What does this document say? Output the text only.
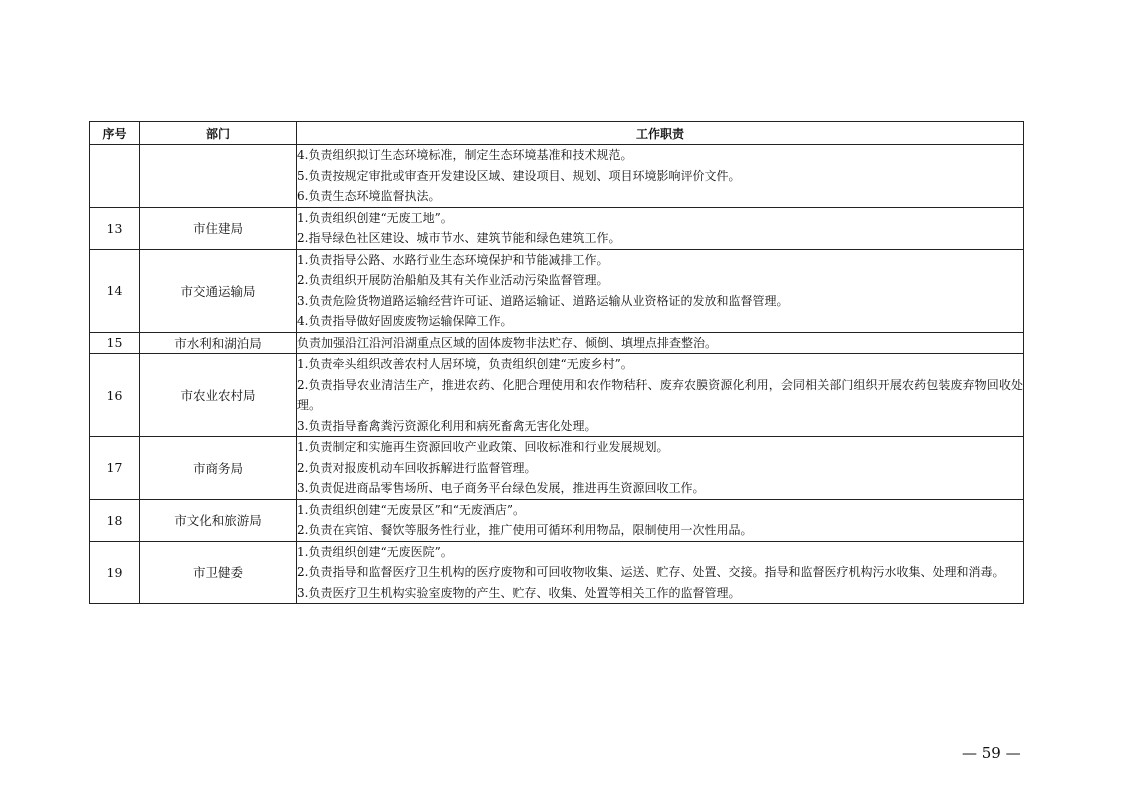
序号	部门	工作职责

		4.负责组织拟订生态环境标准，制定生态环境基准和技术规范。
5.负责按规定审批或审查开发建设区域、建设项目、规划、项目环境影响评价文件。
6.负责生态环境监督执法。

13	市住建局	1.负责组织创建“无废工地”。
2.指导绿色社区建设、城市节水、建筑节能和绿色建筑工作。

14	市交通运输局	1.负责指导公路、水路行业生态环境保护和节能减排工作。
2.负责组织开展防治船舶及其有关作业活动污染监督管理。
3.负责危险货物道路运输经营许可证、道路运输证、道路运输从业资格证的发放和监督管理。
4.负责指导做好固废废物运输保障工作。

15	市水利和湖泊局	负责加强沿江沿河沿湖重点区域的固体废物非法贮存、倾倒、填埋点排查整治。

16	市农业农村局	1.负责牵头组织改善农村人居环境，负责组织创建“无废乡村”。
2.负责指导农业清洁生产，推进农药、化肥合理使用和农作物秸秆、废弃农膜资源化利用，会同相关部门组织开展农药包装废弃物回收处理。
3.负责指导畜禽粪污资源化利用和病死畜禽无害化处理。

17	市商务局	1.负责制定和实施再生资源回收产业政策、回收标准和行业发展规划。
2.负责对报废机动车回收拆解进行监督管理。
3.负责促进商品零售场所、电子商务平台绿色发展，推进再生资源回收工作。

18	市文化和旅游局	1.负责组织创建“无废景区”和“无废酒店”。
2.负责在宾馆、餐饮等服务性行业，推广使用可循环利用物品，限制使用一次性用品。

19	市卫健委	1.负责组织创建“无废医院”。
2.负责指导和监督医疗卫生机构的医疗废物和可回收物收集、运送、贮存、处置、交接。指导和监督医疗机构污水收集、处理和消毒。
3.负责医疗卫生机构实验室废物的产生、贮存、收集、处置等相关工作的监督管理。
— 59 —
